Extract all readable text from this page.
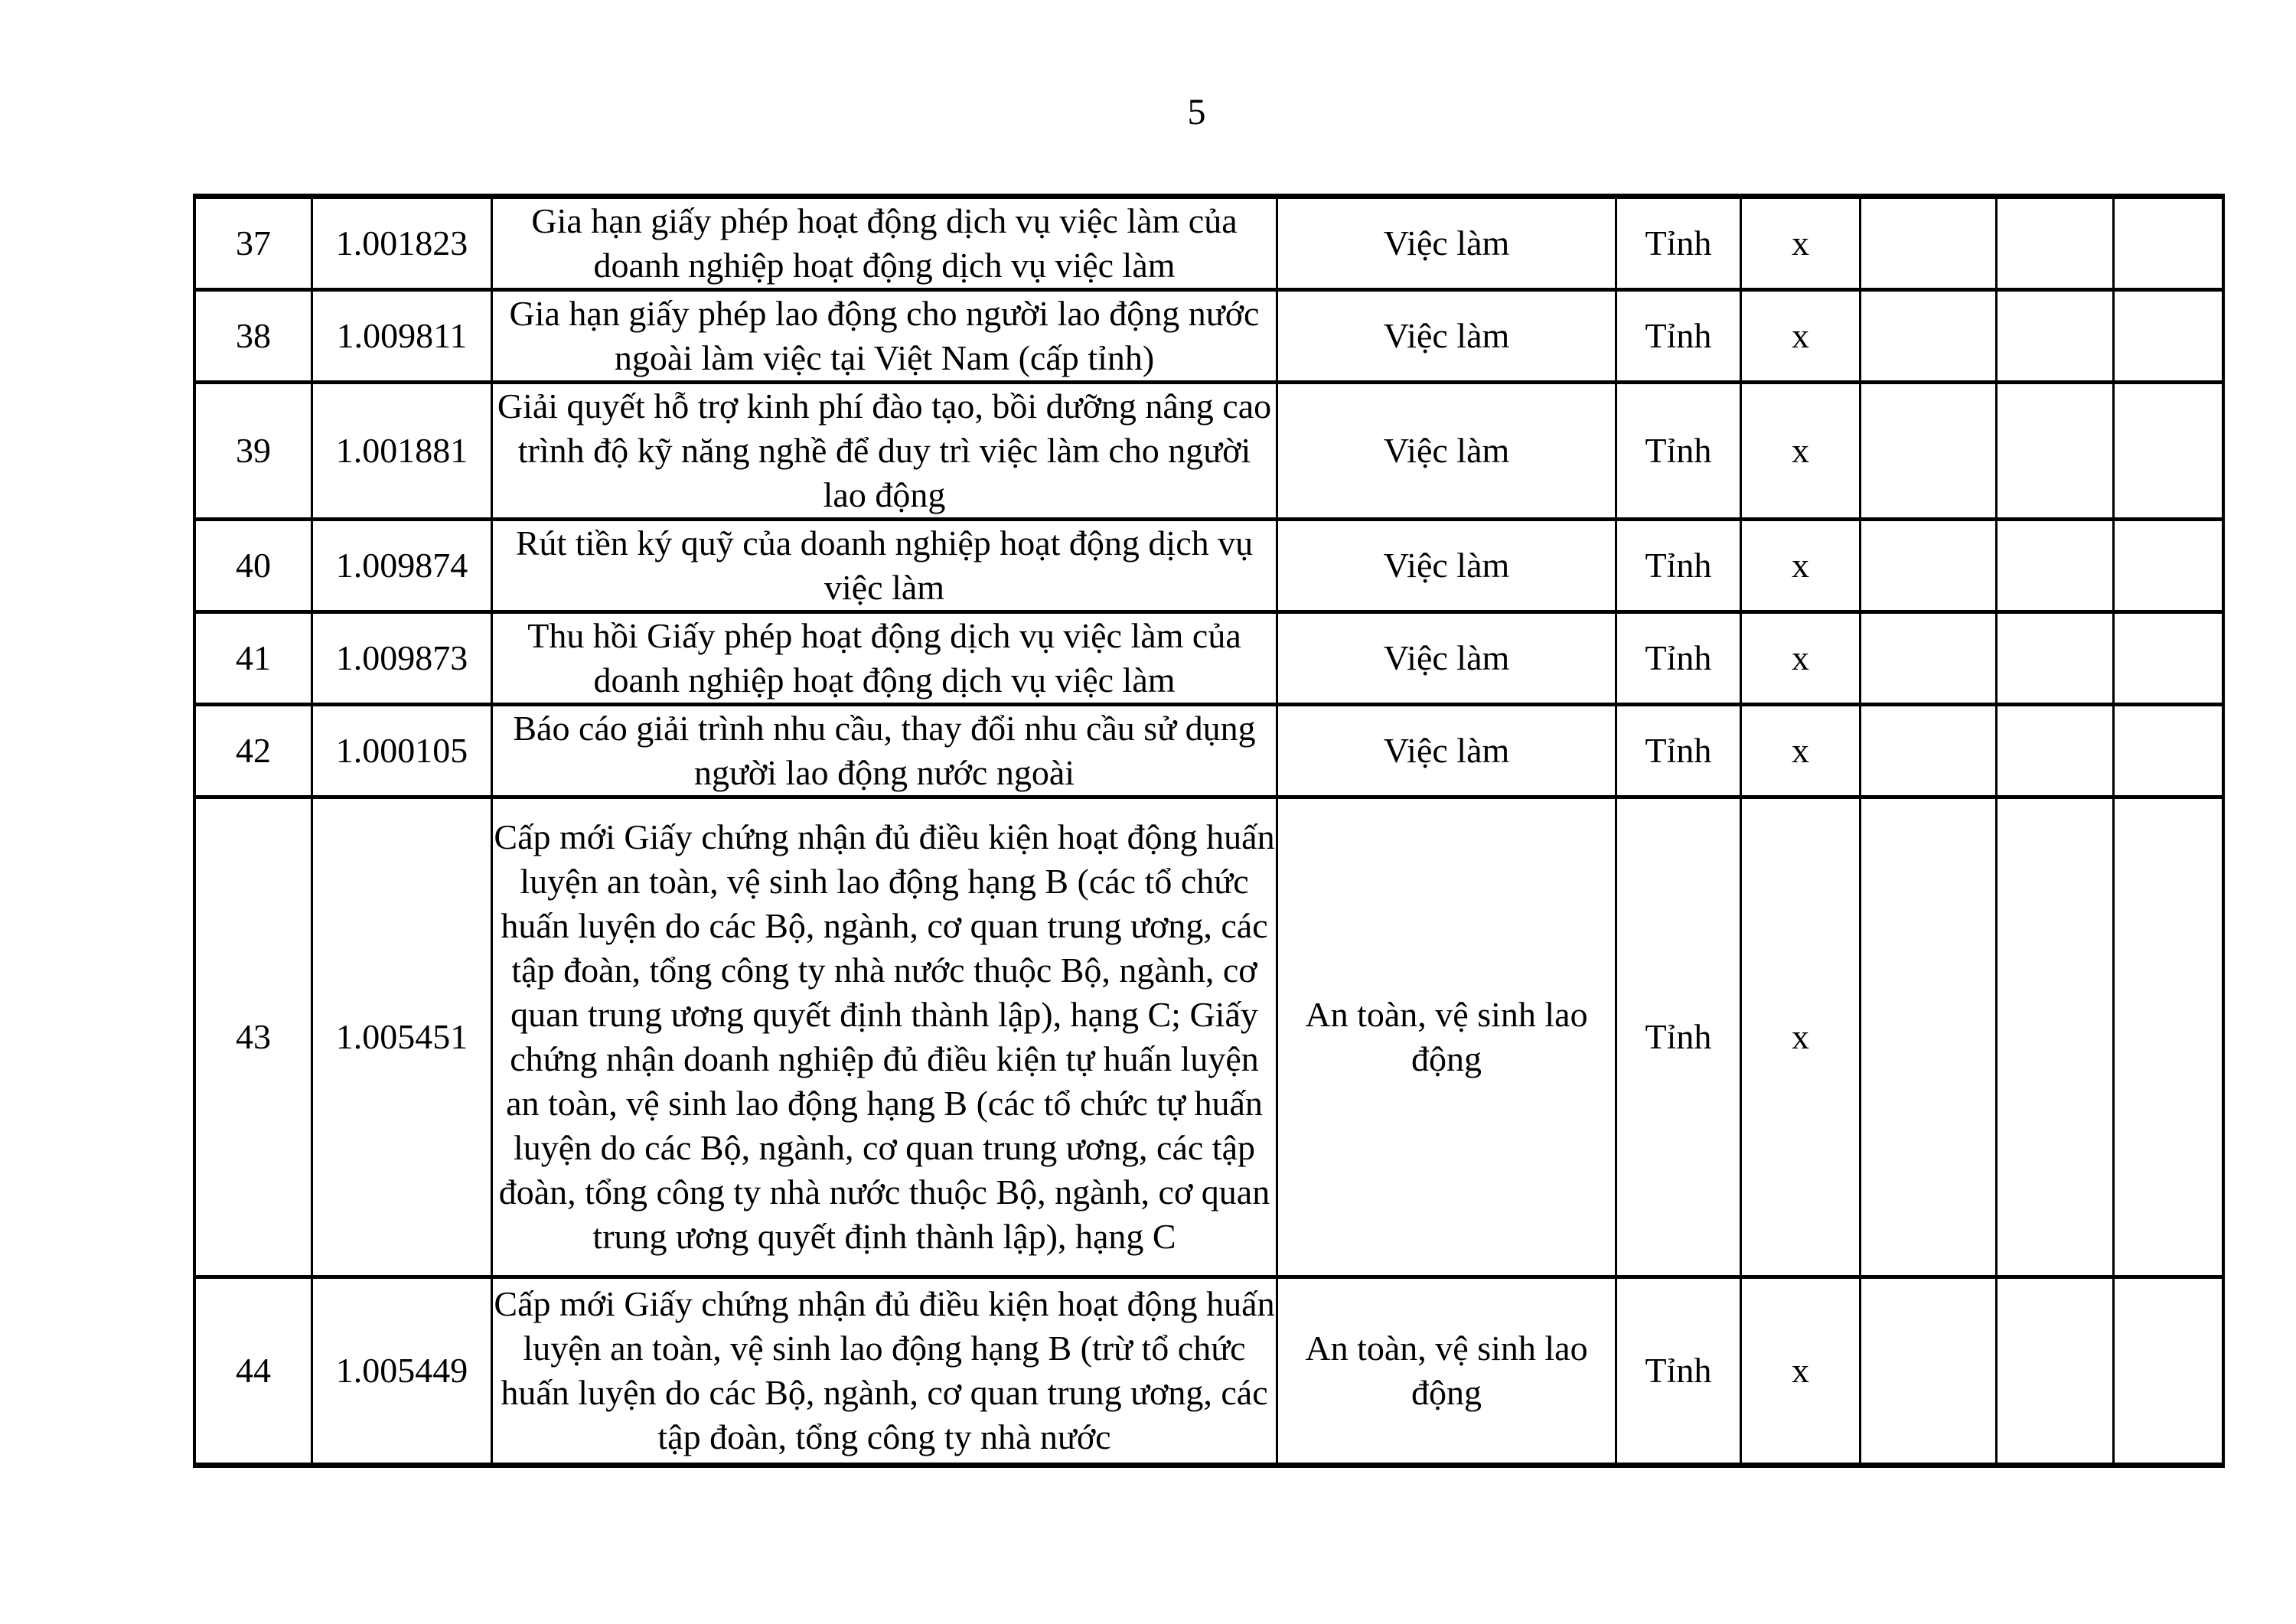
5
37	1.001823	Gia hạn giấy phép hoạt động dịch vụ việc làm của doanh nghiệp hoạt động dịch vụ việc làm	Việc làm	Tỉnh	x			
38	1.009811	Gia hạn giấy phép lao động cho người lao động nước ngoài làm việc tại Việt Nam (cấp tỉnh)	Việc làm	Tỉnh	x			
39	1.001881	Giải quyết hỗ trợ kinh phí đào tạo, bồi dưỡng nâng cao trình độ kỹ năng nghề để duy trì việc làm cho người lao động	Việc làm	Tỉnh	x			
40	1.009874	Rút tiền ký quỹ của doanh nghiệp hoạt động dịch vụ việc làm	Việc làm	Tỉnh	x			
41	1.009873	Thu hồi Giấy phép hoạt động dịch vụ việc làm của doanh nghiệp hoạt động dịch vụ việc làm	Việc làm	Tỉnh	x			
42	1.000105	Báo cáo giải trình nhu cầu, thay đổi nhu cầu sử dụng người lao động nước ngoài	Việc làm	Tỉnh	x			
43	1.005451	Cấp mới Giấy chứng nhận đủ điều kiện hoạt động huấn luyện an toàn, vệ sinh lao động hạng B (các tổ chức huấn luyện do các Bộ, ngành, cơ quan trung ương, các tập đoàn, tổng công ty nhà nước thuộc Bộ, ngành, cơ quan trung ương quyết định thành lập), hạng C; Giấy chứng nhận doanh nghiệp đủ điều kiện tự huấn luyện an toàn, vệ sinh lao động hạng B (các tổ chức tự huấn luyện do các Bộ, ngành, cơ quan trung ương, các tập đoàn, tổng công ty nhà nước thuộc Bộ, ngành, cơ quan trung ương quyết định thành lập), hạng C	An toàn, vệ sinh lao động	Tỉnh	x			
44	1.005449	Cấp mới Giấy chứng nhận đủ điều kiện hoạt động huấn luyện an toàn, vệ sinh lao động hạng B (trừ tổ chức huấn luyện do các Bộ, ngành, cơ quan trung ương, các tập đoàn, tổng công ty nhà nước	An toàn, vệ sinh lao động	Tỉnh	x			
